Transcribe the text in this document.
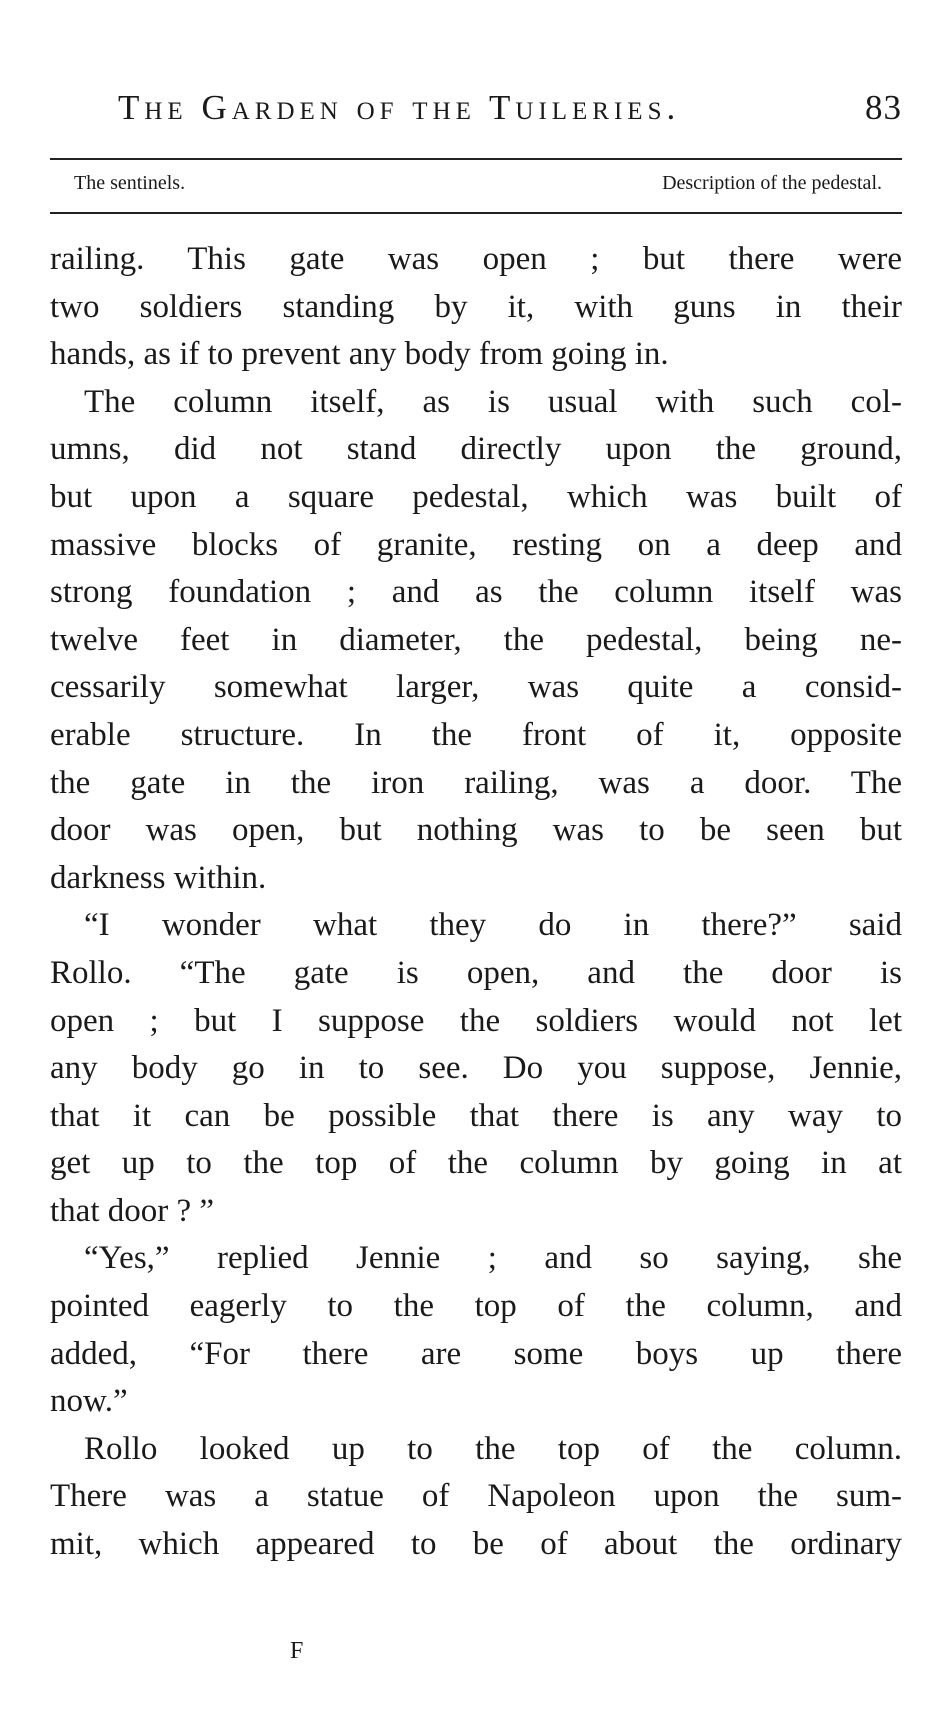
The Garden of the Tuileries.	83
The sentinels.	Description of the pedestal.
railing. This gate was open ; but there were
two soldiers standing by it, with guns in their
hands, as if to prevent any body from going in.
The column itself, as is usual with such col-
umns, did not stand directly upon the ground,
but upon a square pedestal, which was built of
massive blocks of granite, resting on a deep and
strong foundation ; and as the column itself was
twelve feet in diameter, the pedestal, being ne-
cessarily somewhat larger, was quite a consid-
erable structure. In the front of it, opposite
the gate in the iron railing, was a door. The
door was open, but nothing was to be seen but
darkness within.
“I wonder what they do in there?” said
Rollo. “The gate is open, and the door is
open ; but I suppose the soldiers would not let
any body go in to see. Do you suppose, Jennie,
that it can be possible that there is any way to
get up to the top of the column by going in at
that door ? ”
“Yes,” replied Jennie ; and so saying, she
pointed eagerly to the top of the column, and
added, “For there are some boys up there
now.”
Rollo looked up to the top of the column.
There was a statue of Napoleon upon the sum-
mit, which appeared to be of about the ordinary
F
